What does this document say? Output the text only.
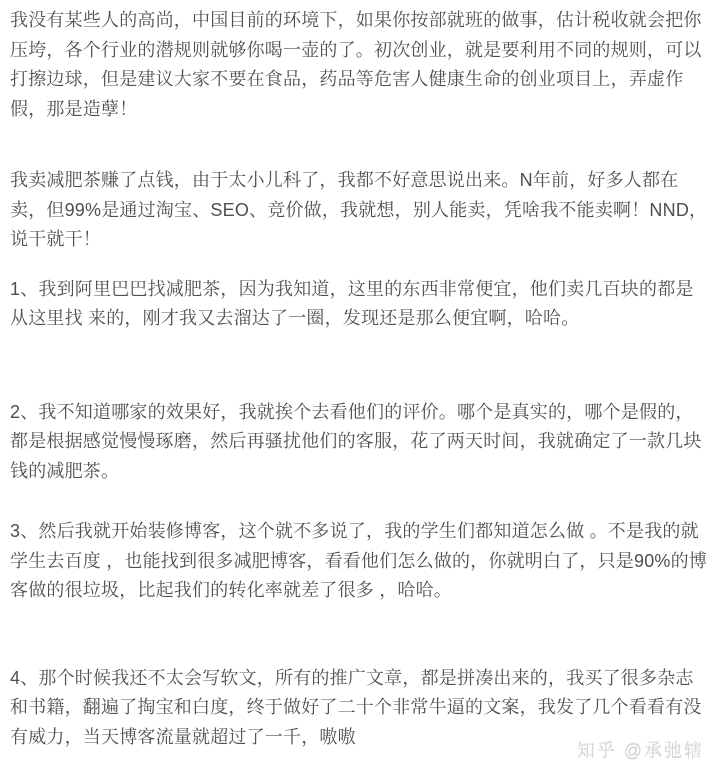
我没有某些人的高尚，中国目前的环境下，如果你按部就班的做事，估计税收就会把你压垮，各个行业的潜规则就够你喝一壶的了。初次创业，就是要利用不同的规则，可以打擦边球，但是建议大家不要在食品，药品等危害人健康生命的创业项目上，弄虚作假，那是造孽！

我卖减肥茶赚了点钱，由于太小儿科了，我都不好意思说出来。N年前，好多人都在卖，但99%是通过淘宝、SEO、竞价做，我就想，别人能卖，凭啥我不能卖啊！NND，说干就干！

1、我到阿里巴巴找减肥茶，因为我知道，这里的东西非常便宜，他们卖几百块的都是从这里找 来的，刚才我又去溜达了一圈，发现还是那么便宜啊，哈哈。

2、我不知道哪家的效果好，我就挨个去看他们的评价。哪个是真实的，哪个是假的，都是根据感觉慢慢琢磨，然后再骚扰他们的客服，花了两天时间，我就确定了一款几块钱的减肥茶。

3、然后我就开始装修博客，这个就不多说了，我的学生们都知道怎么做 。不是我的就学生去百度 ，也能找到很多减肥博客，看看他们怎么做的，你就明白了，只是90%的博客做的很垃圾，比起我们的转化率就差了很多 ，哈哈。

4、那个时候我还不太会写软文，所有的推广文章，都是拼凑出来的，我买了很多杂志和书籍，翻遍了掏宝和白度，终于做好了二十个非常牛逼的文案，我发了几个看看有没有威力，当天博客流量就超过了一千，嗷嗷

知乎 @承弛辖
